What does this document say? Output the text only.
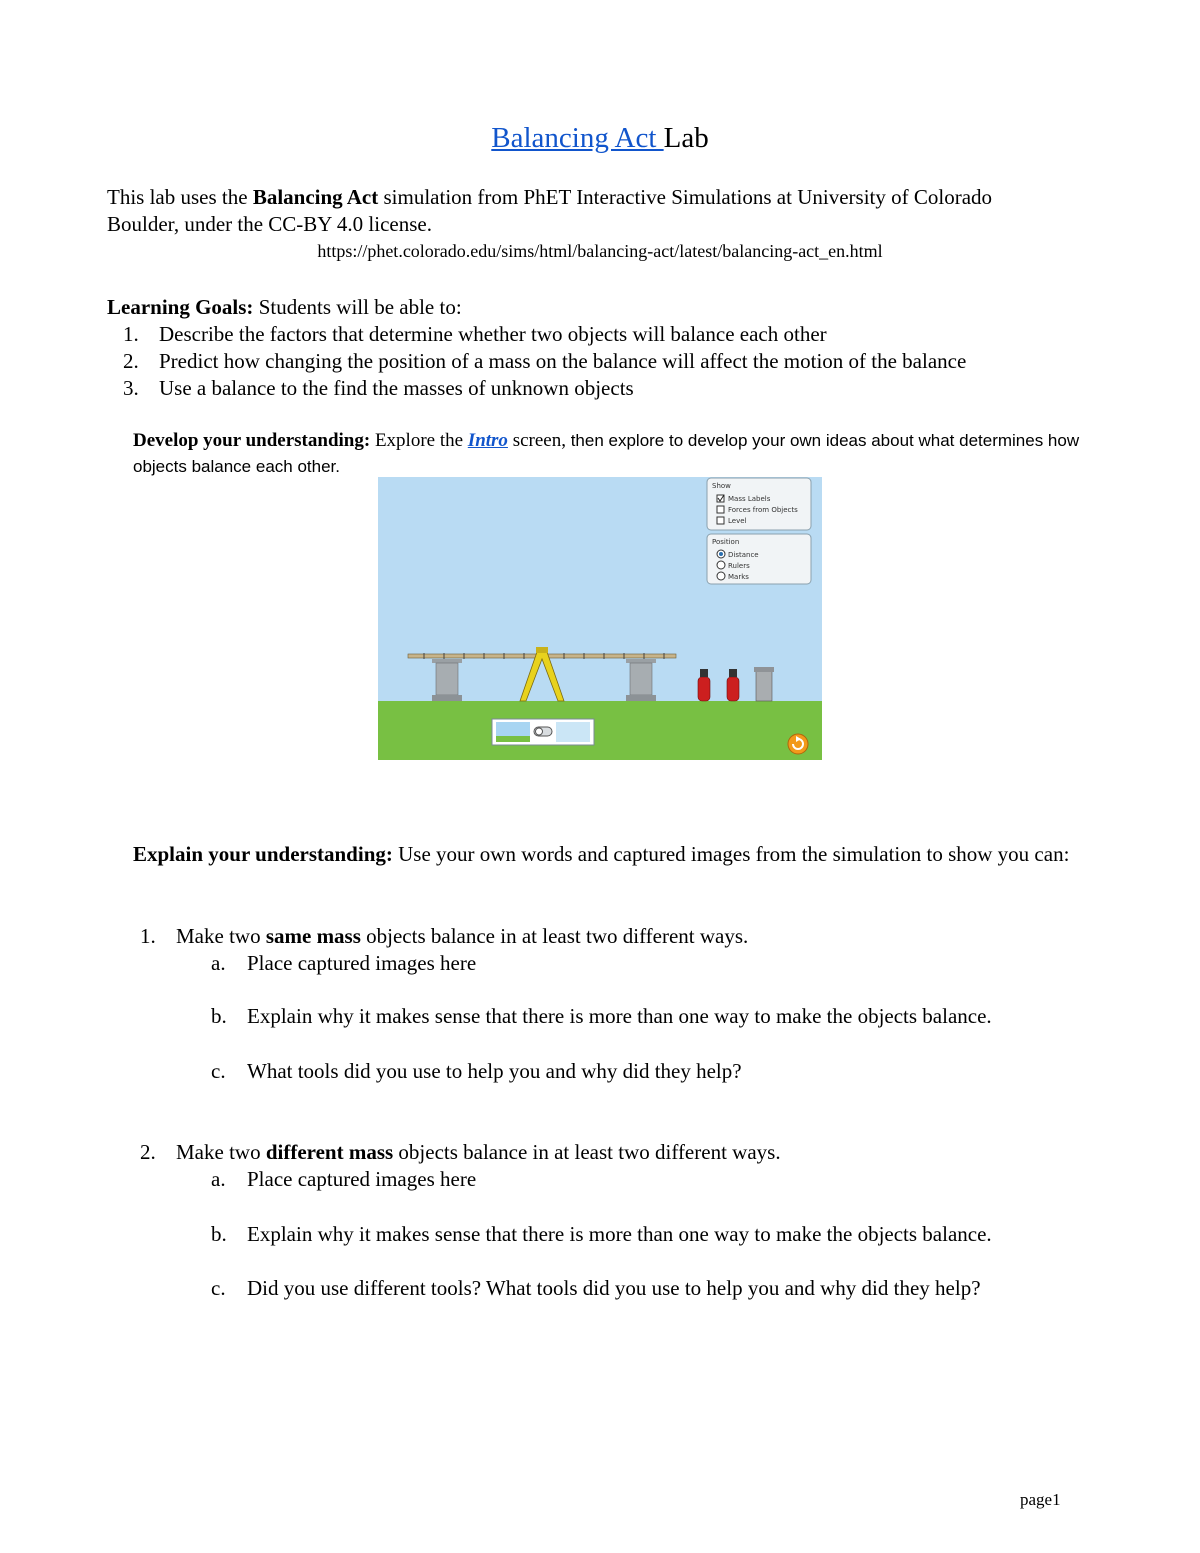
Balancing Act Lab
This lab uses the Balancing Act simulation from PhET Interactive Simulations at University of Colorado Boulder, under the CC-BY 4.0 license.
https://phet.colorado.edu/sims/html/balancing-act/latest/balancing-act_en.html
Learning Goals: Students will be able to:
1. Describe the factors that determine whether two objects will balance each other
2. Predict how changing the position of a mass on the balance will affect the motion of the balance
3. Use a balance to the find the masses of unknown objects
Develop your understanding: Explore the Intro screen, then explore to develop your own ideas about what determines how objects balance each other.
Show
Mass Labels
Forces from Objects
Level
Position
Distance
Rulers
Marks
Explain your understanding: Use your own words and captured images from the simulation to show you can:
1. Make two same mass objects balance in at least two different ways.
a. Place captured images here
b. Explain why it makes sense that there is more than one way to make the objects balance.
c. What tools did you use to help you and why did they help?
2. Make two different mass objects balance in at least two different ways.
a. Place captured images here
b. Explain why it makes sense that there is more than one way to make the objects balance.
c. Did you use different tools? What tools did you use to help you and why did they help?
page1
